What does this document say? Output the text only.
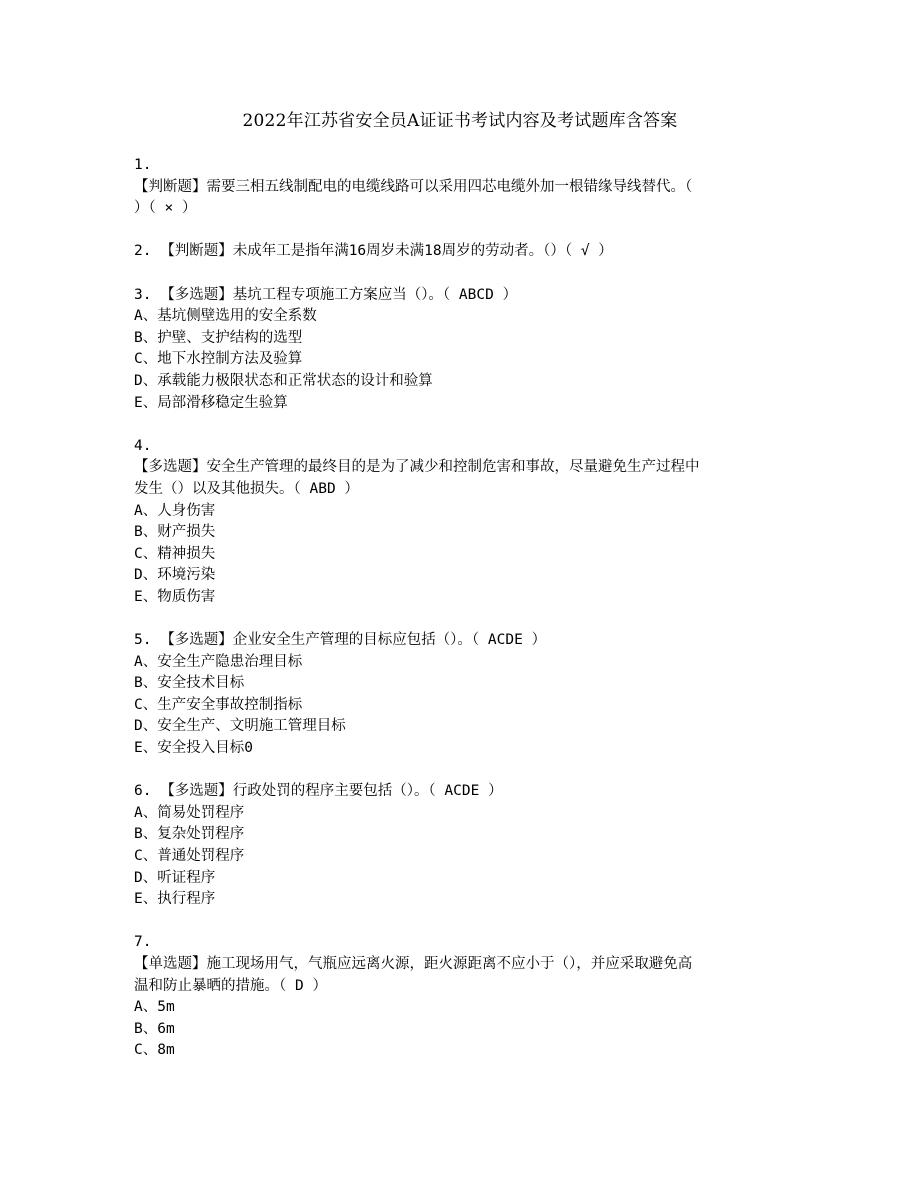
2022年江苏省安全员A证证书考试内容及考试题库含答案
1.
【判断题】需要三相五线制配电的电缆线路可以采用四芯电缆外加一根错缘导线替代。（
）（ × ）
2. 【判断题】未成年工是指年满16周岁未满18周岁的劳动者。（）（ √ ）
3. 【多选题】基坑工程专项施工方案应当（）。（ ABCD ）
A、基坑侧壁选用的安全系数
B、护壁、支护结构的选型
C、地下水控制方法及验算
D、承载能力极限状态和正常状态的设计和验算
E、局部滑移稳定生验算
4.
【多选题】安全生产管理的最终目的是为了减少和控制危害和事故，尽量避免生产过程中
发生（）以及其他损失。（ ABD ）
A、人身伤害
B、财产损失
C、精神损失
D、环境污染
E、物质伤害
5. 【多选题】企业安全生产管理的目标应包括（）。（ ACDE ）
A、安全生产隐患治理目标
B、安全技术目标
C、生产安全事故控制指标
D、安全生产、文明施工管理目标
E、安全投入目标0
6. 【多选题】行政处罚的程序主要包括（）。（ ACDE ）
A、简易处罚程序
B、复杂处罚程序
C、普通处罚程序
D、听证程序
E、执行程序
7.
【单选题】施工现场用气，气瓶应远离火源，距火源距离不应小于（），并应采取避免高
温和防止暴晒的措施。（ D ）
A、5m
B、6m
C、8m
